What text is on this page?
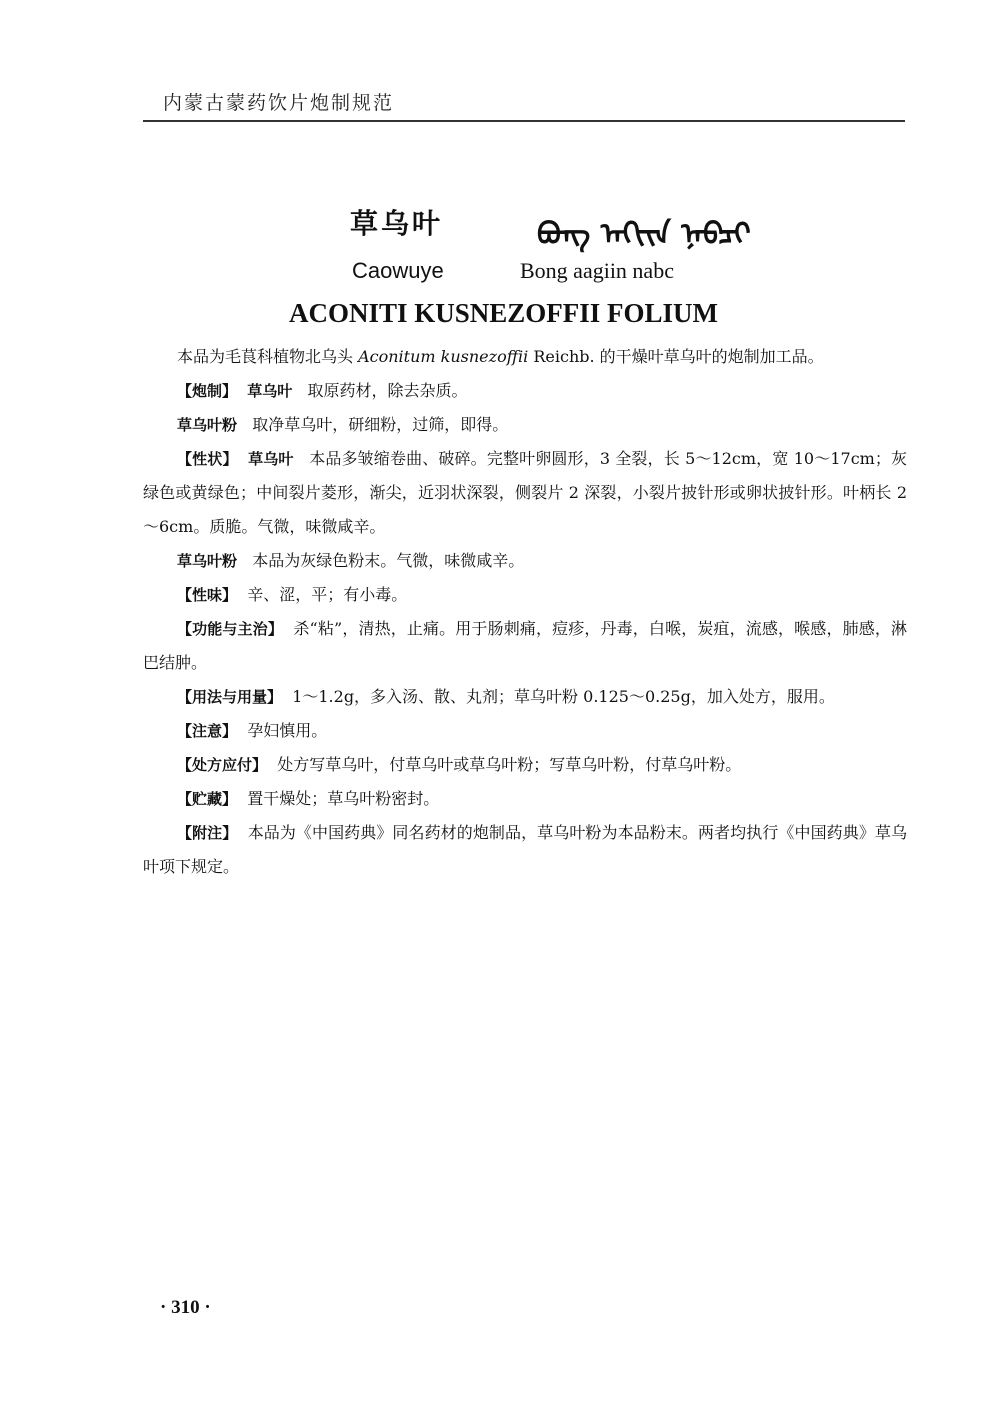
内蒙古蒙药饮片炮制规范
草乌叶	ᠪᠣᠩ ᠠᠭᠢᠢᠨ ᠨᠠᠪᠴᠢ
Caowuye	Bong aagiin nabc
ACONITI KUSNEZOFFII FOLIUM

本品为毛茛科植物北乌头 Aconitum kusnezoffii Reichb. 的干燥叶草乌叶的炮制加工品。

【炮制】 草乌叶 取原药材，除去杂质。

草乌叶粉 取净草乌叶，研细粉，过筛，即得。

【性状】 草乌叶 本品多皱缩卷曲、破碎。完整叶卵圆形，3 全裂，长 5～12cm，宽 10～17cm；灰绿色或黄绿色；中间裂片菱形，渐尖，近羽状深裂，侧裂片 2 深裂，小裂片披针形或卵状披针形。叶柄长 2～6cm。质脆。气微，味微咸辛。

草乌叶粉 本品为灰绿色粉末。气微，味微咸辛。

【性味】 辛、涩，平；有小毒。

【功能与主治】 杀“粘”，清热，止痛。用于肠刺痛，痘疹，丹毒，白喉，炭疽，流感，喉感，肺感，淋巴结肿。

【用法与用量】 1～1.2g，多入汤、散、丸剂；草乌叶粉 0.125～0.25g，加入处方，服用。

【注意】 孕妇慎用。

【处方应付】 处方写草乌叶，付草乌叶或草乌叶粉；写草乌叶粉，付草乌叶粉。

【贮藏】 置干燥处；草乌叶粉密封。

【附注】 本品为《中国药典》同名药材的炮制品，草乌叶粉为本品粉末。两者均执行《中国药典》草乌叶项下规定。

· 310 ·
